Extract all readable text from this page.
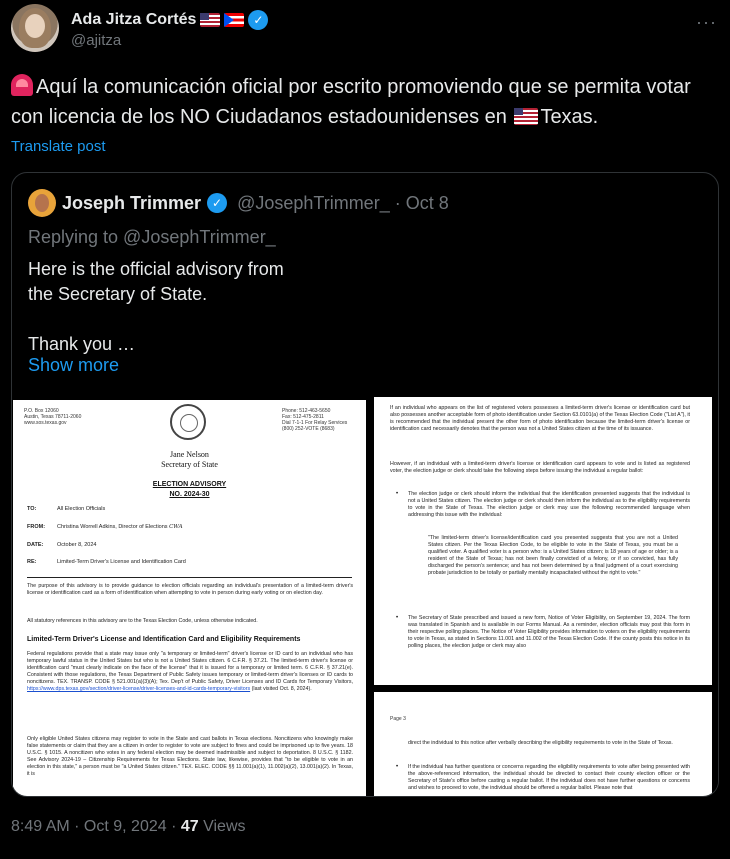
Ada Jitza Cortés	✓
@ajitza
···
Aquí la comunicación oficial por escrito promoviendo que se permita votar con licencia de los NO Ciudadanos estadounidenses en Texas.
Translate post
Joseph Trimmer ✓ @JosephTrimmer_ · Oct 8
Replying to @JosephTrimmer_
Here is the official advisory from
the Secretary of State.

Thank you …
Show more
P.O. Box 12060
Austin, Texas 78711-2060
www.sos.texas.gov
Phone: 512-463-5650
Fax: 512-475-2811
Dial 7-1-1 For Relay Services
(800) 252-VOTE (8683)
Jane Nelson
Secretary of State
ELECTION ADVISORY
NO. 2024-30
TO:	All Election Officials
FROM: Christina Worrell Adkins, Director of Elections CWA
DATE: October 8, 2024
RE:	Limited-Term Driver's License and Identification Card
The purpose of this advisory is to provide guidance to election officials regarding an individual's presentation of a limited-term driver's license or identification card as a form of identification when attempting to vote in person during early voting or on election day.
All statutory references in this advisory are to the Texas Election Code, unless otherwise indicated.
Limited-Term Driver's License and Identification Card and Eligibility Requirements
Federal regulations provide that a state may issue only "a temporary or limited-term" driver's license or ID card to an individual who has temporary lawful status in the United States but who is not a United States citizen. 6 C.F.R. § 37.21. The limited-term driver's license or identification card "must clearly indicate on the face of the license" that it is issued for a temporary or limited term. 6 C.F.R. § 37.21(e). Consistent with those regulations, the Texas Department of Public Safety issues temporary or limited-term driver's licenses or ID cards to noncitizens. TEX. TRANSP. CODE § 521.001(a)(3)(A); Tex. Dep't of Public Safety, Driver Licenses and ID Cards for Temporary Visitors, https://www.dps.texas.gov/section/driver-license/driver-licenses-and-id-cards-temporary-visitors (last visited Oct. 8, 2024).
Only eligible United States citizens may register to vote in the State and cast ballots in Texas elections. Noncitizens who knowingly make false statements or claim that they are a citizen in order to register to vote are subject to fines and could be imprisoned up to five years. 18 U.S.C. § 1015. A noncitizen who votes in any federal election may be deemed inadmissible and subject to deportation. 8 U.S.C. § 1182. See Advisory 2024-19 – Citizenship Requirements for Texas Elections. State law, likewise, provides that "to be eligible to vote in an election in this state," a person must be "a United States citizen." TEX. ELEC. CODE §§ 11.001(a)(1), 11.002(a)(2), 13.001(a)(2). In Texas, it is
If an individual who appears on the list of registered voters possesses a limited-term driver's license or identification card but also possesses another acceptable form of photo identification under Section 63.0101(a) of the Texas Election Code ("List A"), it is recommended that the individual present the other form of photo identification because the limited-term driver's license or identification card necessarily denotes that the person was not a United States citizen at the time of its issuance.
However, if an individual with a limited-term driver's license or identification card appears to vote and is listed as registered voter, the election judge or clerk should take the following steps before issuing the individual a regular ballot:
• The election judge or clerk should inform the individual that the identification presented suggests that the individual is not a United States citizen. The election judge or clerk should then inform the individual as to the eligibility requirements to vote in the State of Texas. The election judge or clerk may use the following recommended language when addressing this issue with the individual:
"The limited-term driver's license/identification card you presented suggests that you are not a United States citizen. Per the Texas Election Code, to be eligible to vote in the State of Texas, you must be a qualified voter. A qualified voter is a person who: is a United States citizen; is 18 years of age or older; is a resident of the State of Texas; has not been finally convicted of a felony, or if so convicted, has fully discharged the person's sentence; and has not been determined by a final judgment of a court exercising probate jurisdiction to be totally or partially mentally incapacitated without the right to vote."
• The Secretary of State prescribed and issued a new form, Notice of Voter Eligibility, on September 19, 2024. The form was translated in Spanish and is available in our Forms Manual. As a reminder, election officials may post this form in their respective polling places. The Notice of Voter Eligibility provides information to voters on the eligibility requirements to vote in Texas, as stated in Sections 11.001 and 11.002 of the Texas Election Code. If the county posts this notice in its polling places, the election judge or clerk may also
Page 3
direct the individual to this notice after verbally describing the eligibility requirements to vote in the State of Texas.
• If the individual has further questions or concerns regarding the eligibility requirements to vote after being presented with the above-referenced information, the individual should be directed to contact their county election officer or the Secretary of State's office before casting a regular ballot. If the individual does not have further questions or concerns and wishes to proceed to vote, the individual should be offered a regular ballot. Please note that
8:49 AM · Oct 9, 2024 · 47 Views
